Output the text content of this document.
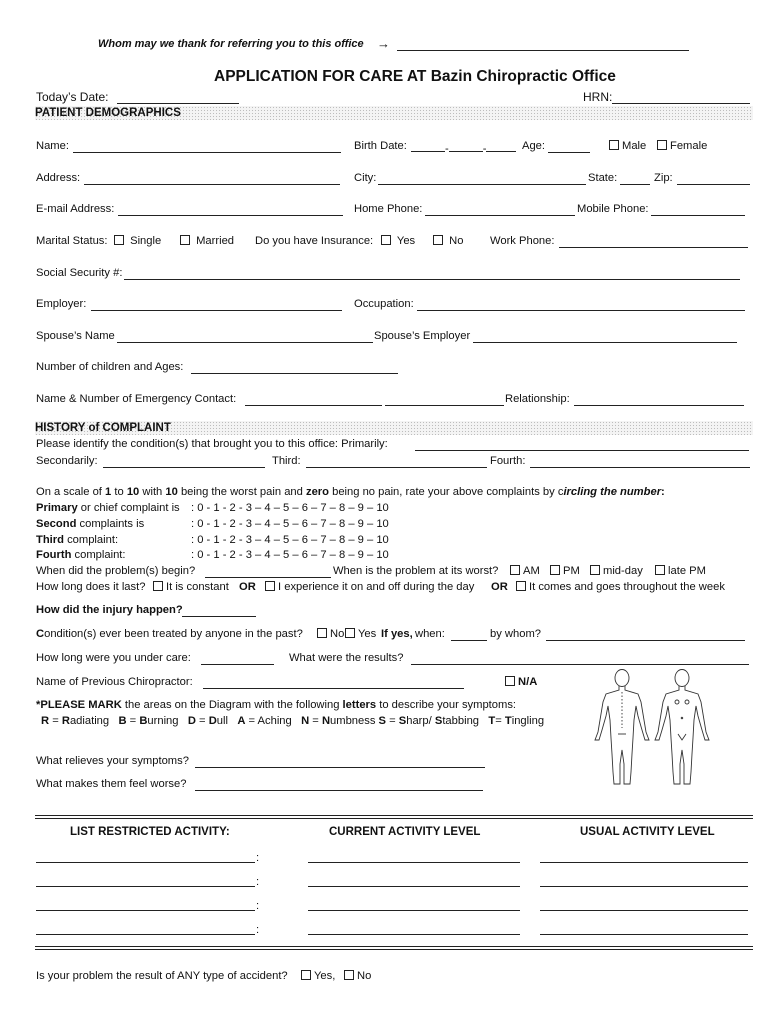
Whom may we thank for referring you to this office →
APPLICATION FOR CARE AT Bazin Chiropractic Office
Today’s Date:	HRN:
PATIENT DEMOGRAPHICS
Name:	Birth Date:	-	-	Age:	Male	Female
Address:	City:	State:	Zip:
E-mail Address:	Home Phone:	Mobile Phone:
Marital Status:	Single	Married Do you have Insurance:	Yes	No Work Phone:
Social Security #:
Employer:	Occupation:
Spouse’s Name	Spouse’s Employer
Number of children and Ages:
Name & Number of Emergency Contact:	Relationship:
HISTORY of COMPLAINT
Please identify the condition(s) that brought you to this office: Primarily:
Secondarily:	Third:	Fourth:
On a scale of 1 to 10 with 10 being the worst pain and zero being no pain, rate your above complaints by circling the number:
Primary or chief complaint is : 0 - 1 - 2 - 3 – 4 – 5 – 6 – 7 – 8 – 9 – 10
Second complaints is	: 0 - 1 - 2 - 3 – 4 – 5 – 6 – 7 – 8 – 9 – 10
Third complaint:	: 0 - 1 - 2 - 3 – 4 – 5 – 6 – 7 – 8 – 9 – 10
Fourth complaint:	: 0 - 1 - 2 - 3 – 4 – 5 – 6 – 7 – 8 – 9 – 10
When did the problem(s) begin?	When is the problem at its worst?	AM	PM	mid-day	late PM
How long does it last?	It is constant OR	I experience it on and off during the day OR	It comes and goes throughout the week
How did the injury happen?
Condition(s) ever been treated by anyone in the past?	No	Yes If yes, when:	by whom?
How long were you under care:	What were the results?
Name of Previous Chiropractor:	N/A
*PLEASE MARK the areas on the Diagram with the following letters to describe your symptoms:
R = Radiating B = Burning D = Dull A = Aching N = Numbness S = Sharp/ Stabbing T= Tingling
What relieves your symptoms?
What makes them feel worse?
LIST RESTRICTED ACTIVITY:	CURRENT ACTIVITY LEVEL	USUAL ACTIVITY LEVEL
:
:
:
:
Is your problem the result of ANY type of accident?	Yes,	No
